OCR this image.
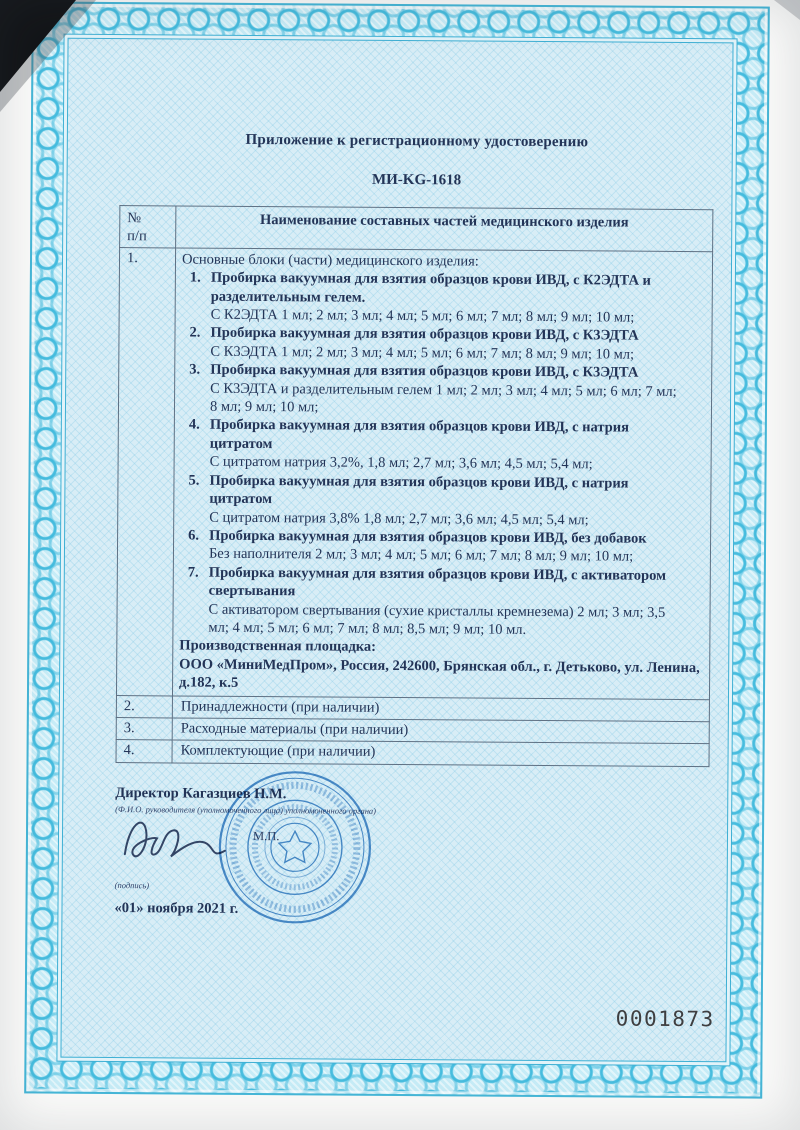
Приложение к регистрационному удостоверению
МИ-KG-1618
№
п/п	Наименование составных частей медицинского изделия
1.	Основные блоки (части) медицинского изделия:
1. Пробирка вакуумная для взятия образцов крови ИВД, с К2ЭДТА и разделительным гелем.
С К2ЭДТА 1 мл; 2 мл; 3 мл; 4 мл; 5 мл; 6 мл; 7 мл; 8 мл; 9 мл; 10 мл;
2. Пробирка вакуумная для взятия образцов крови ИВД, с К3ЭДТА
С К3ЭДТА 1 мл; 2 мл; 3 мл; 4 мл; 5 мл; 6 мл; 7 мл; 8 мл; 9 мл; 10 мл;
3. Пробирка вакуумная для взятия образцов крови ИВД, с К3ЭДТА
С К3ЭДТА и разделительным гелем 1 мл; 2 мл; 3 мл; 4 мл; 5 мл; 6 мл; 7 мл; 8 мл; 9 мл; 10 мл;
4. Пробирка вакуумная для взятия образцов крови ИВД, с натрия цитратом
С цитратом натрия 3,2%, 1,8 мл; 2,7 мл; 3,6 мл; 4,5 мл; 5,4 мл;
5. Пробирка вакуумная для взятия образцов крови ИВД, с натрия цитратом
С цитратом натрия 3,8% 1,8 мл; 2,7 мл; 3,6 мл; 4,5 мл; 5,4 мл;
6. Пробирка вакуумная для взятия образцов крови ИВД, без добавок
Без наполнителя 2 мл; 3 мл; 4 мл; 5 мл; 6 мл; 7 мл; 8 мл; 9 мл; 10 мл;
7. Пробирка вакуумная для взятия образцов крови ИВД, с активатором свертывания
С активатором свертывания (сухие кристаллы кремнезема) 2 мл; 3 мл; 3,5 мл; 4 мл; 5 мл; 6 мл; 7 мл; 8 мл; 8,5 мл; 9 мл; 10 мл.
Производственная площадка:
ООО «МиниМедПром», Россия, 242600, Брянская обл., г. Детьково, ул. Ленина, д.182, к.5

2.	Принадлежности (при наличии)
3.	Расходные материалы (при наличии)
4.	Комплектующие (при наличии)
Директор Кагазциев Н.М.
(Ф.И.О. руководителя (уполномоченного лица) уполномоченного органа)
М.П.
(подпись)
«01» ноября 2021 г.
0001873
